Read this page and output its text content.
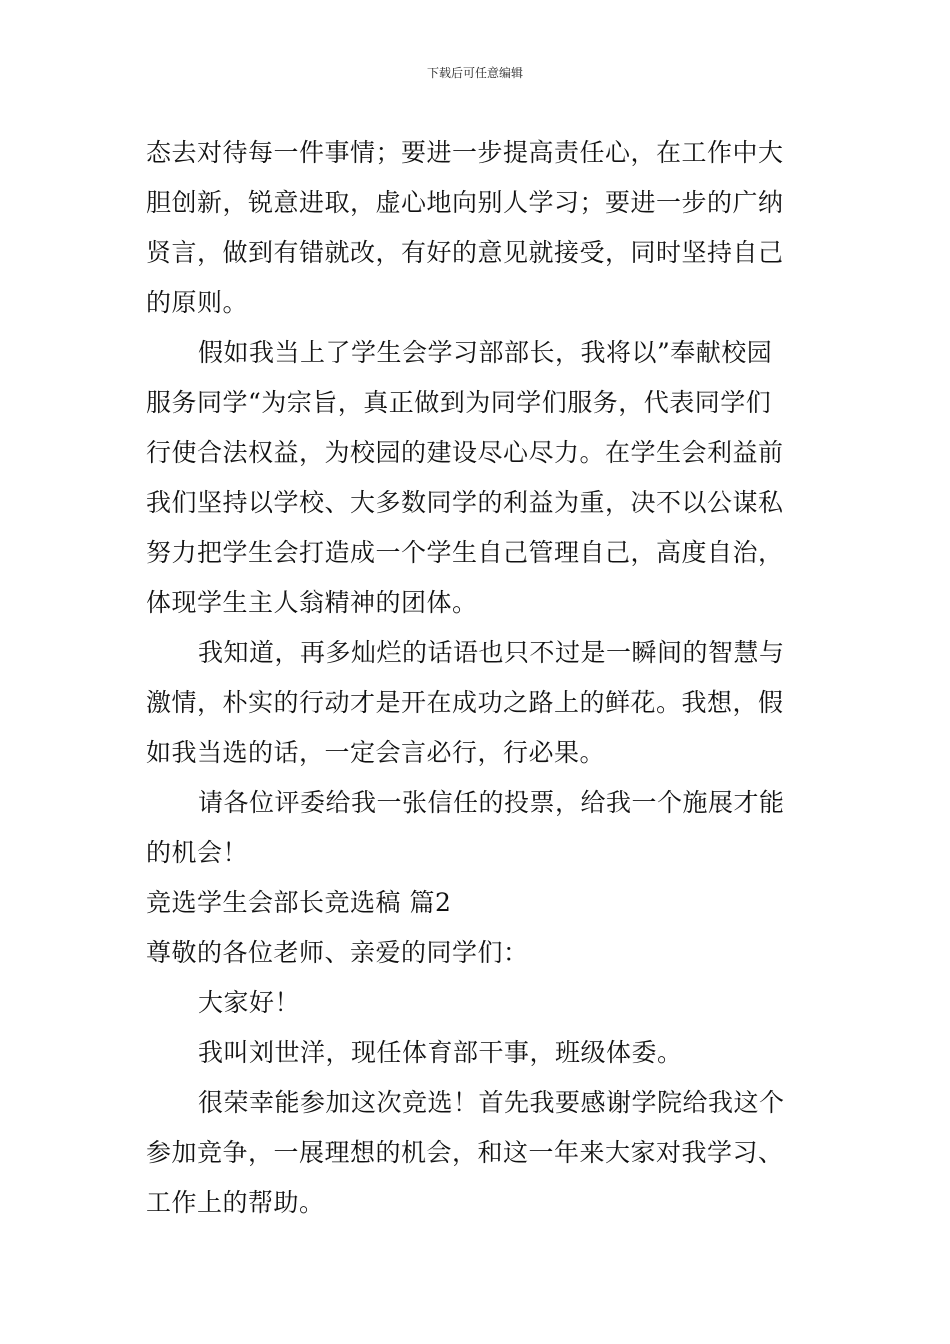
下载后可任意编辑
态去对待每一件事情；要进一步提高责任心，在工作中大
胆创新，锐意进取，虚心地向别人学习；要进一步的广纳
贤言，做到有错就改，有好的意见就接受，同时坚持自己
的原则。
假如我当上了学生会学习部部长，我将以”奉献校园
服务同学“为宗旨，真正做到为同学们服务，代表同学们
行使合法权益，为校园的建设尽心尽力。在学生会利益前
我们坚持以学校、大多数同学的利益为重，决不以公谋私
努力把学生会打造成一个学生自己管理自己，高度自治，
体现学生主人翁精神的团体。
我知道，再多灿烂的话语也只不过是一瞬间的智慧与
激情，朴实的行动才是开在成功之路上的鲜花。我想，假
如我当选的话，一定会言必行，行必果。
请各位评委给我一张信任的投票，给我一个施展才能
的机会！
竞选学生会部长竞选稿 篇2
尊敬的各位老师、亲爱的同学们：
大家好！
我叫刘世洋，现任体育部干事，班级体委。
很荣幸能参加这次竞选！首先我要感谢学院给我这个
参加竞争，一展理想的机会，和这一年来大家对我学习、
工作上的帮助。
